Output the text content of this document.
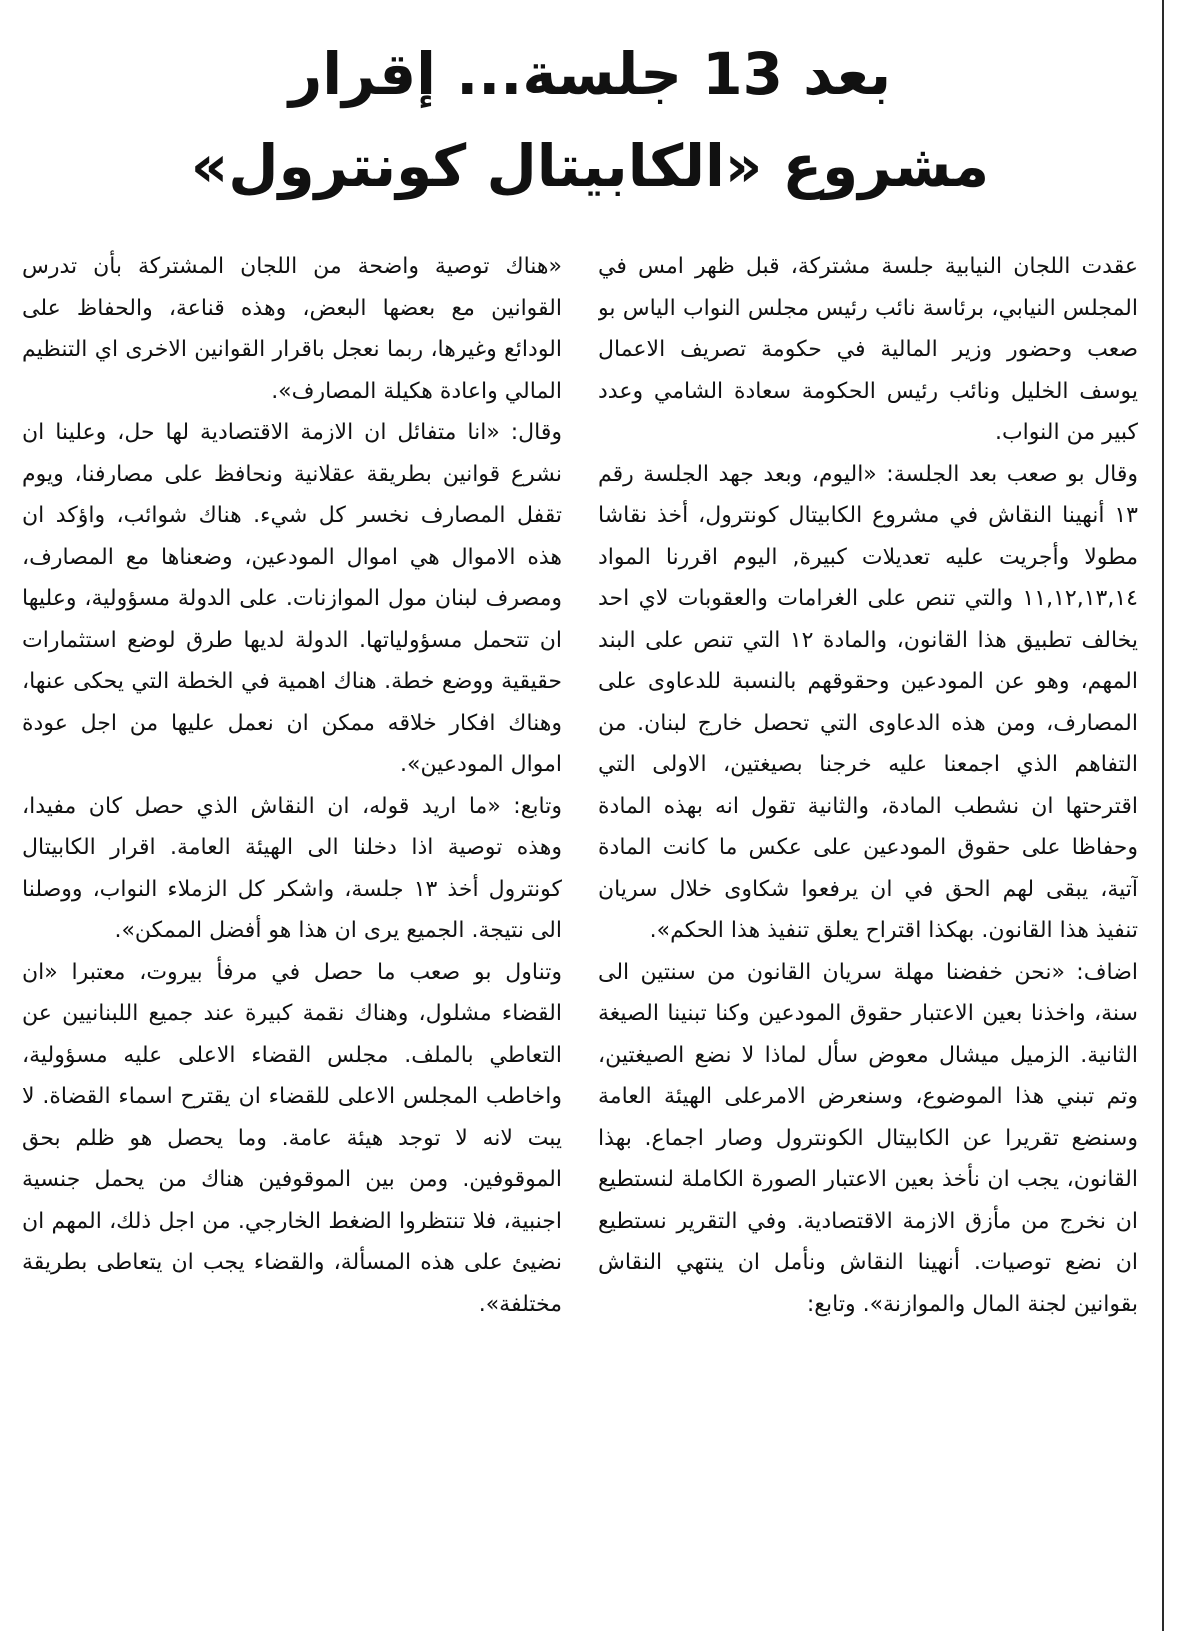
بعد 13 جلسة... إقرار
مشروع «الكابيتال كونترول»

عقدت اللجان النيابية جلسة مشتركة، قبل ظهر امس في المجلس النيابي، برئاسة نائب رئيس مجلس النواب الياس بو صعب وحضور وزير المالية في حكومة تصريف الاعمال يوسف الخليل ونائب رئيس الحكومة سعادة الشامي وعدد كبير من النواب.

وقال بو صعب بعد الجلسة: «اليوم، وبعد جهد الجلسة رقم ١٣ أنهينا النقاش في مشروع الكابيتال كونترول، أخذ نقاشا مطولا وأجريت عليه تعديلات كبيرة, اليوم اقررنا المواد ١١,١٢,١٣,١٤ والتي تنص على الغرامات والعقوبات لاي احد يخالف تطبيق هذا القانون، والمادة ١٢ التي تنص على البند المهم، وهو عن المودعين وحقوقهم بالنسبة للدعاوى على المصارف، ومن هذه الدعاوى التي تحصل خارج لبنان. من التفاهم الذي اجمعنا عليه خرجنا بصيغتين، الاولى التي اقترحتها ان نشطب المادة، والثانية تقول انه بهذه المادة وحفاظا على حقوق المودعين على عكس ما كانت المادة آتية، يبقى لهم الحق في ان يرفعوا شكاوى خلال سريان تنفيذ هذا القانون. بهكذا اقتراح يعلق تنفيذ هذا الحكم».

اضاف: «نحن خفضنا مهلة سريان القانون من سنتين الى سنة، واخذنا بعين الاعتبار حقوق المودعين وكنا تبنينا الصيغة الثانية. الزميل ميشال معوض سأل لماذا لا نضع الصيغتين، وتم تبني هذا الموضوع، وسنعرض الامرعلى الهيئة العامة وسنضع تقريرا عن الكابيتال الكونترول وصار اجماع. بهذا القانون، يجب ان نأخذ بعين الاعتبار الصورة الكاملة لنستطيع ان نخرج من مأزق الازمة الاقتصادية. وفي التقرير نستطيع ان نضع توصيات. أنهينا النقاش ونأمل ان ينتهي النقاش بقوانين لجنة المال والموازنة». وتابع:

«هناك توصية واضحة من اللجان المشتركة بأن تدرس القوانين مع بعضها البعض، وهذه قناعة، والحفاظ على الودائع وغيرها، ربما نعجل باقرار القوانين الاخرى اي التنظيم المالي واعادة هكيلة المصارف».

وقال: «انا متفائل ان الازمة الاقتصادية لها حل، وعلينا ان نشرع قوانين بطريقة عقلانية ونحافظ على مصارفنا، ويوم تقفل المصارف نخسر كل شيء. هناك شوائب، واؤكد ان هذه الاموال هي اموال المودعين، وضعناها مع المصارف، ومصرف لبنان مول الموازنات. على الدولة مسؤولية، وعليها ان تتحمل مسؤولياتها. الدولة لديها طرق لوضع استثمارات حقيقية ووضع خطة. هناك اهمية في الخطة التي يحكى عنها، وهناك افكار خلاقه ممكن ان نعمل عليها من اجل عودة اموال المودعين».

وتابع: «ما اريد قوله، ان النقاش الذي حصل كان مفيدا، وهذه توصية اذا دخلنا الى الهيئة العامة. اقرار الكابيتال كونترول أخذ ١٣ جلسة، واشكر كل الزملاء النواب، ووصلنا الى نتيجة. الجميع يرى ان هذا هو أفضل الممكن».

وتناول بو صعب ما حصل في مرفأ بيروت، معتبرا «ان القضاء مشلول، وهناك نقمة كبيرة عند جميع اللبنانيين عن التعاطي بالملف. مجلس القضاء الاعلى عليه مسؤولية، واخاطب المجلس الاعلى للقضاء ان يقترح اسماء القضاة. لا يبت لانه لا توجد هيئة عامة. وما يحصل هو ظلم بحق الموقوفين. ومن بين الموقوفين هناك من يحمل جنسية اجنبية، فلا تنتظروا الضغط الخارجي. من اجل ذلك، المهم ان نضيئ على هذه المسألة، والقضاء يجب ان يتعاطى بطريقة مختلفة».
